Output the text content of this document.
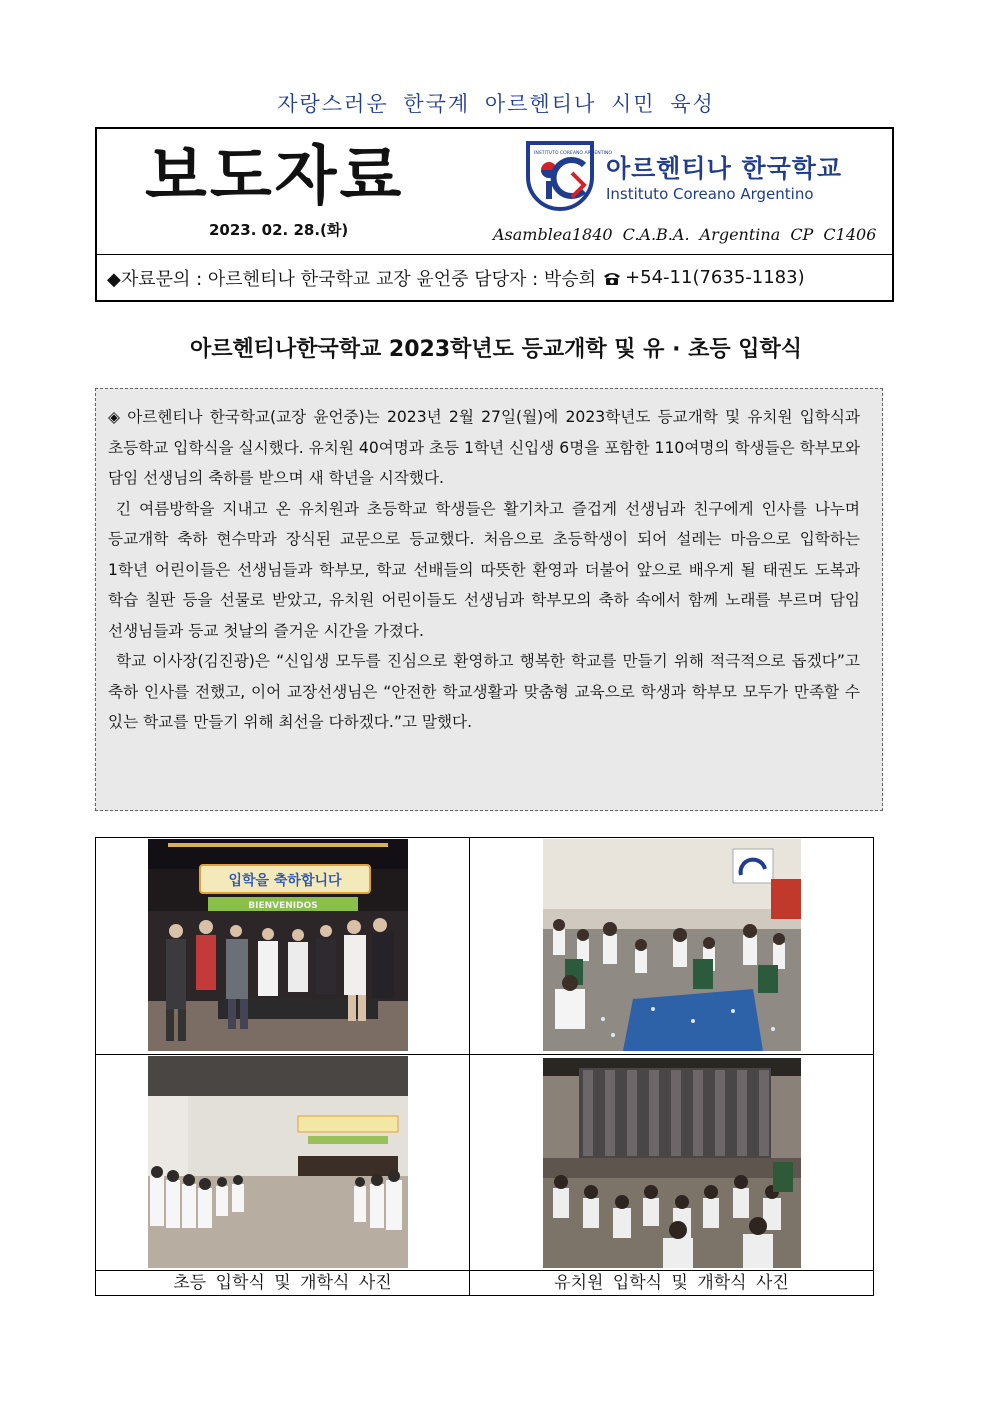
자랑스러운 한국계 아르헨티나 시민 육성
보도자료
2023. 02. 28.(화)
INSTITUTO COREANO ARGENTINO
아르헨티나 한국학교
Instituto Coreano Argentino
Asamblea1840 C.A.B.A. Argentina CP C1406
◆자료문의 : 아르헨티나 한국학교 교장 윤언중 담당자 : 박승희 +54-11(7635-1183)
아르헨티나한국학교 2023학년도 등교개학 및 유 · 초등 입학식

◈ 아르헨티나 한국학교(교장 윤언중)는 2023년 2월 27일(월)에 2023학년도 등교개학 및 유치원 입학식과 초등학교 입학식을 실시했다. 유치원 40여명과 초등 1학년 신입생 6명을 포함한 110여명의 학생들은 학부모와 담임 선생님의 축하를 받으며 새 학년을 시작했다.

긴 여름방학을 지내고 온 유치원과 초등학교 학생들은 활기차고 즐겁게 선생님과 친구에게 인사를 나누며 등교개학 축하 현수막과 장식된 교문으로 등교했다. 처음으로 초등학생이 되어 설레는 마음으로 입학하는 1학년 어린이들은 선생님들과 학부모, 학교 선배들의 따뜻한 환영과 더불어 앞으로 배우게 될 태권도 도복과 학습 칠판 등을 선물로 받았고, 유치원 어린이들도 선생님과 학부모의 축하 속에서 함께 노래를 부르며 담임 선생님들과 등교 첫날의 즐거운 시간을 가졌다.

학교 이사장(김진광)은 “신입생 모두를 진심으로 환영하고 행복한 학교를 만들기 위해 적극적으로 돕겠다”고 축하 인사를 전했고, 이어 교장선생님은 “안전한 학교생활과 맞춤형 교육으로 학생과 학부모 모두가 만족할 수 있는 학교를 만들기 위해 최선을 다하겠다.”고 말했다.

입학을 축하합니다
BIENVENIDOS
초등 입학식 및 개학식 사진	유치원 입학식 및 개학식 사진
